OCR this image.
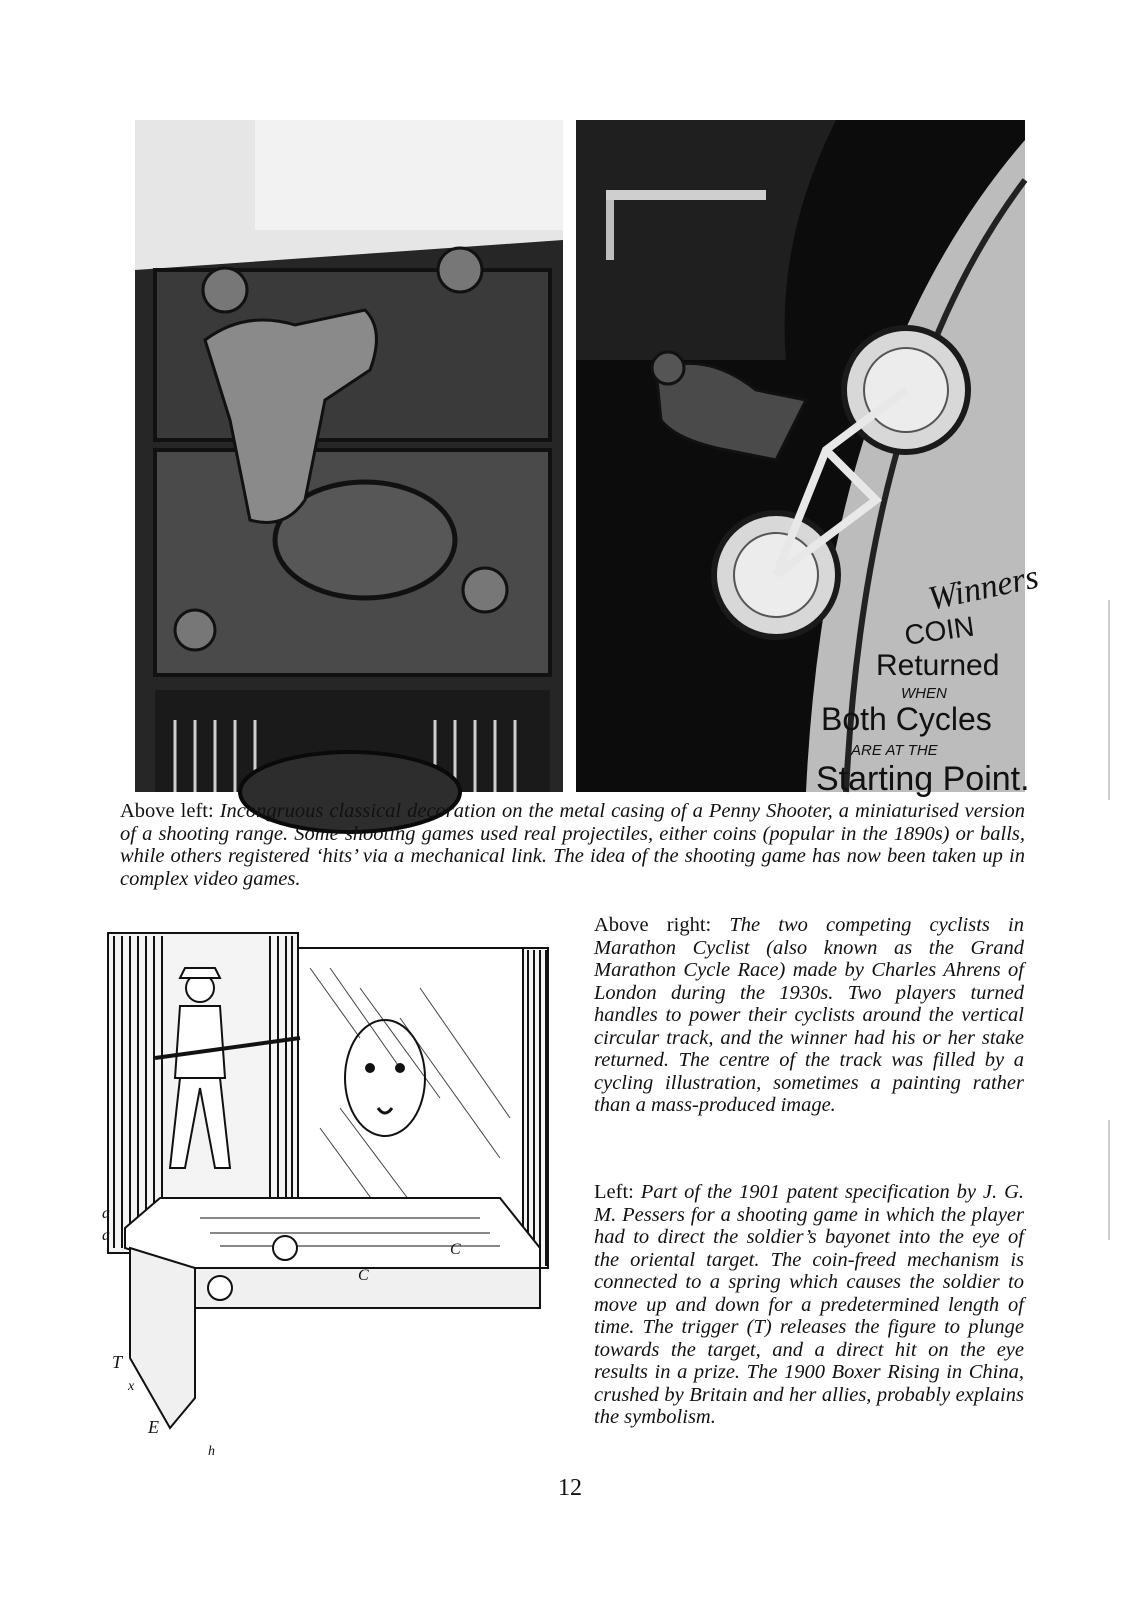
Winners
COIN
Returned
WHEN
Both Cycles
ARE AT THE
Starting Point.

Above left: Incongruous classical decoration on the metal casing of a Penny Shooter, a miniaturised version of a shooting range. Some shooting games used real projectiles, either coins (popular in the 1890s) or balls, while others registered ‘hits’ via a mechanical link. The idea of the shooting game has now been taken up in complex video games.

a
a
T
x
E
h
C
C

Above right: The two competing cyclists in Marathon Cyclist (also known as the Grand Marathon Cycle Race) made by Charles Ahrens of London during the 1930s. Two players turned handles to power their cyclists around the vertical circular track, and the winner had his or her stake returned. The centre of the track was filled by a cycling illustration, sometimes a painting rather than a mass-produced image.

Left: Part of the 1901 patent specification by J. G. M. Pessers for a shooting game in which the player had to direct the soldier’s bayonet into the eye of the oriental target. The coin-freed mechanism is connected to a spring which causes the soldier to move up and down for a predetermined length of time. The trigger (T) releases the figure to plunge towards the target, and a direct hit on the eye results in a prize. The 1900 Boxer Rising in China, crushed by Britain and her allies, probably explains the symbolism.

12
